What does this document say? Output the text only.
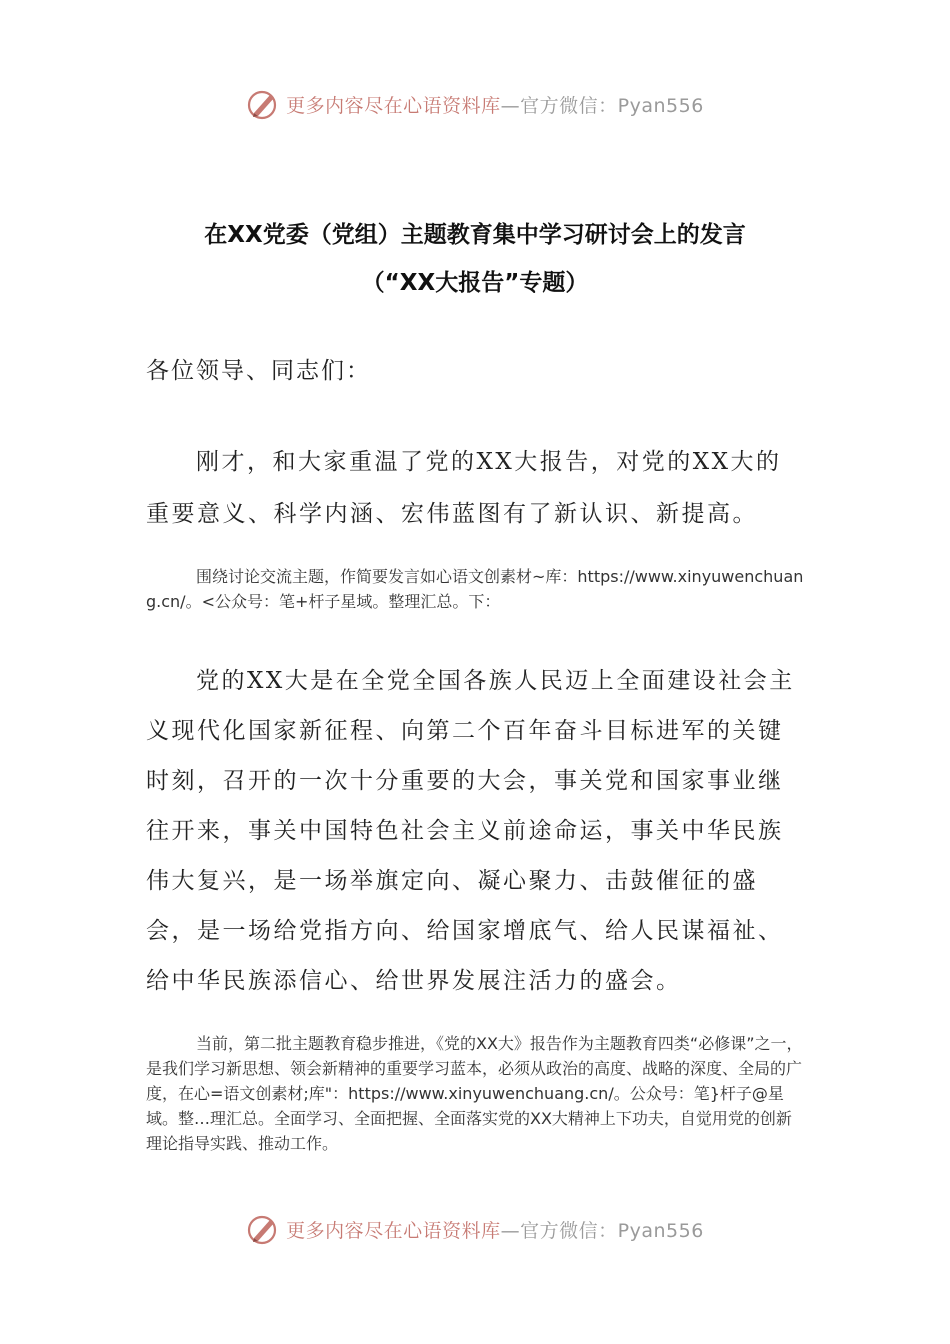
更多内容尽在心语资料库—官方微信：Pyan556
在XX党委（党组）主题教育集中学习研讨会上的发言
（“XX大报告”专题）
各位领导、同志们：

刚才，和大家重温了党的XX大报告，对党的XX大的重要意义、科学内涵、宏伟蓝图有了新认识、新提高。

围绕讨论交流主题，作简要发言如心语文创素材~库：https://www.xinyuwenchuang.cn/。<公众号：笔+杆子星域。整理汇总。下：

党的XX大是在全党全国各族人民迈上全面建设社会主义现代化国家新征程、向第二个百年奋斗目标进军的关键时刻，召开的一次十分重要的大会，事关党和国家事业继往开来，事关中国特色社会主义前途命运，事关中华民族伟大复兴，是一场举旗定向、凝心聚力、击鼓催征的盛会，是一场给党指方向、给国家增底气、给人民谋福祉、给中华民族添信心、给世界发展注活力的盛会。

当前，第二批主题教育稳步推进，《党的XX大》报告作为主题教育四类“必修课”之一，是我们学习新思想、领会新精神的重要学习蓝本，必须从政治的高度、战略的深度、全局的广度，在心=语文创素材;库"：https://www.xinyuwenchuang.cn/。公众号：笔}杆子@星域。整…理汇总。全面学习、全面把握、全面落实党的XX大精神上下功夫，自觉用党的创新理论指导实践、推动工作。

更多内容尽在心语资料库—官方微信：Pyan556
